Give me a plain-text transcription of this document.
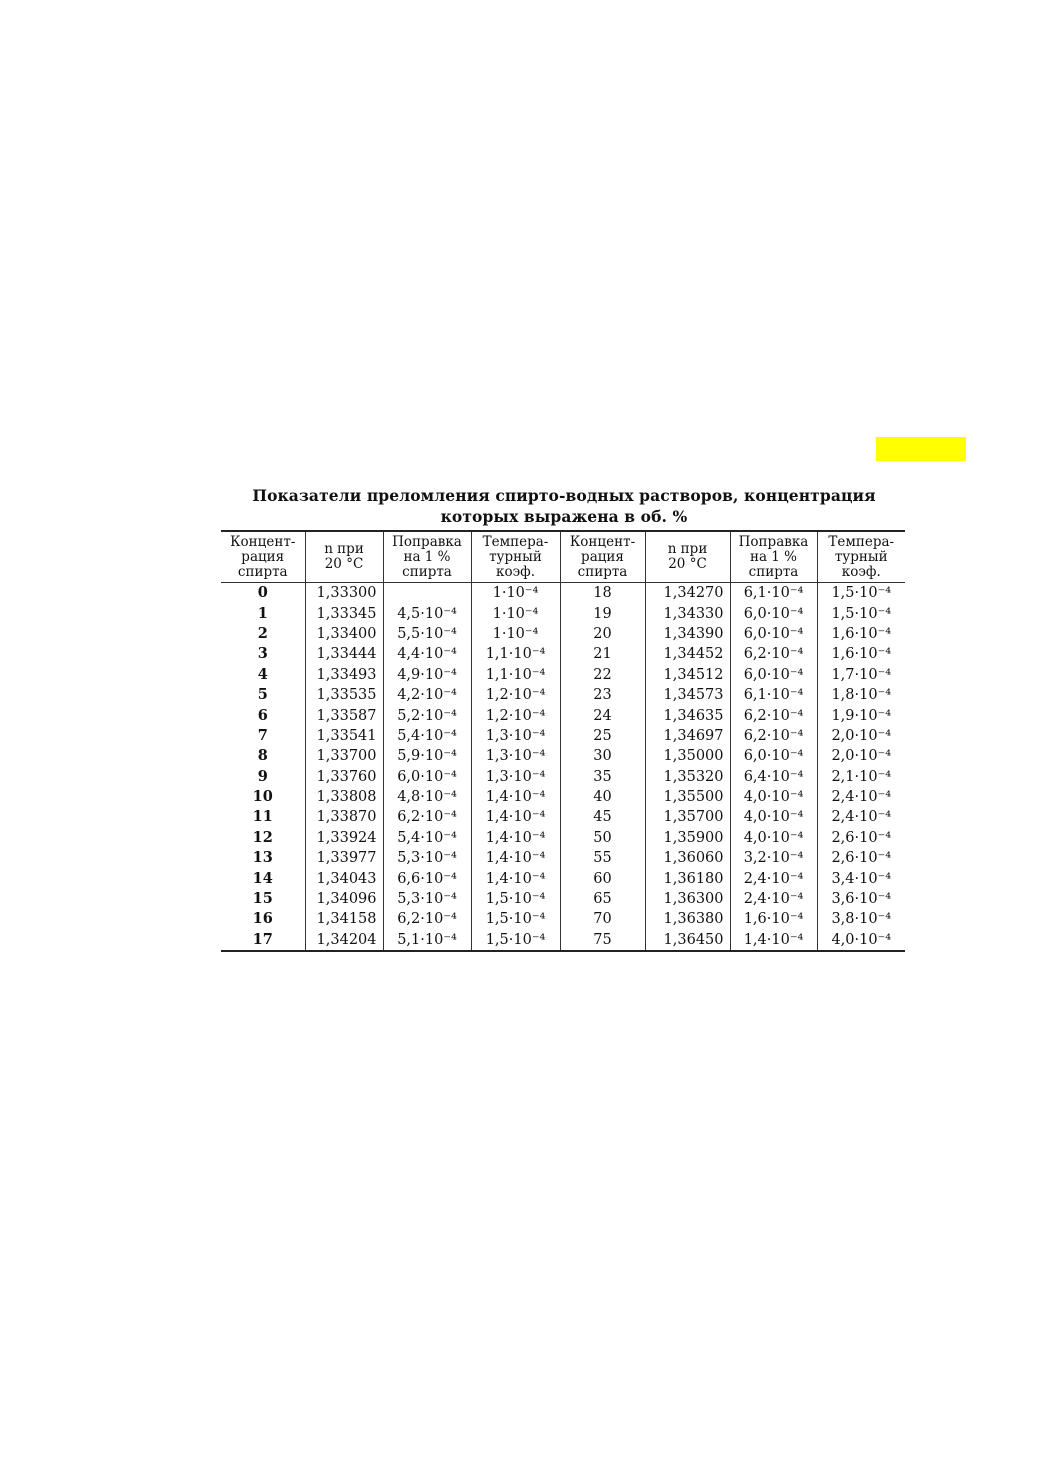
Показатели преломления спирто-водных растворов, концентрация
которых выражена в об. %
Концент-
рация
спирта	n при
20 °C	Поправка
на 1 %
спирта	Темпера-
турный
коэф.	Концент-
рация
спирта	n при
20 °C	Поправка
на 1 %
спирта	Темпера-
турный
коэф.
0	1,33300		1·10⁻⁴	18	1,34270	6,1·10⁻⁴	1,5·10⁻⁴
1	1,33345	4,5·10⁻⁴	1·10⁻⁴	19	1,34330	6,0·10⁻⁴	1,5·10⁻⁴
2	1,33400	5,5·10⁻⁴	1·10⁻⁴	20	1,34390	6,0·10⁻⁴	1,6·10⁻⁴
3	1,33444	4,4·10⁻⁴	1,1·10⁻⁴	21	1,34452	6,2·10⁻⁴	1,6·10⁻⁴
4	1,33493	4,9·10⁻⁴	1,1·10⁻⁴	22	1,34512	6,0·10⁻⁴	1,7·10⁻⁴
5	1,33535	4,2·10⁻⁴	1,2·10⁻⁴	23	1,34573	6,1·10⁻⁴	1,8·10⁻⁴
6	1,33587	5,2·10⁻⁴	1,2·10⁻⁴	24	1,34635	6,2·10⁻⁴	1,9·10⁻⁴
7	1,33541	5,4·10⁻⁴	1,3·10⁻⁴	25	1,34697	6,2·10⁻⁴	2,0·10⁻⁴
8	1,33700	5,9·10⁻⁴	1,3·10⁻⁴	30	1,35000	6,0·10⁻⁴	2,0·10⁻⁴
9	1,33760	6,0·10⁻⁴	1,3·10⁻⁴	35	1,35320	6,4·10⁻⁴	2,1·10⁻⁴
10	1,33808	4,8·10⁻⁴	1,4·10⁻⁴	40	1,35500	4,0·10⁻⁴	2,4·10⁻⁴
11	1,33870	6,2·10⁻⁴	1,4·10⁻⁴	45	1,35700	4,0·10⁻⁴	2,4·10⁻⁴
12	1,33924	5,4·10⁻⁴	1,4·10⁻⁴	50	1,35900	4,0·10⁻⁴	2,6·10⁻⁴
13	1,33977	5,3·10⁻⁴	1,4·10⁻⁴	55	1,36060	3,2·10⁻⁴	2,6·10⁻⁴
14	1,34043	6,6·10⁻⁴	1,4·10⁻⁴	60	1,36180	2,4·10⁻⁴	3,4·10⁻⁴
15	1,34096	5,3·10⁻⁴	1,5·10⁻⁴	65	1,36300	2,4·10⁻⁴	3,6·10⁻⁴
16	1,34158	6,2·10⁻⁴	1,5·10⁻⁴	70	1,36380	1,6·10⁻⁴	3,8·10⁻⁴
17	1,34204	5,1·10⁻⁴	1,5·10⁻⁴	75	1,36450	1,4·10⁻⁴	4,0·10⁻⁴
